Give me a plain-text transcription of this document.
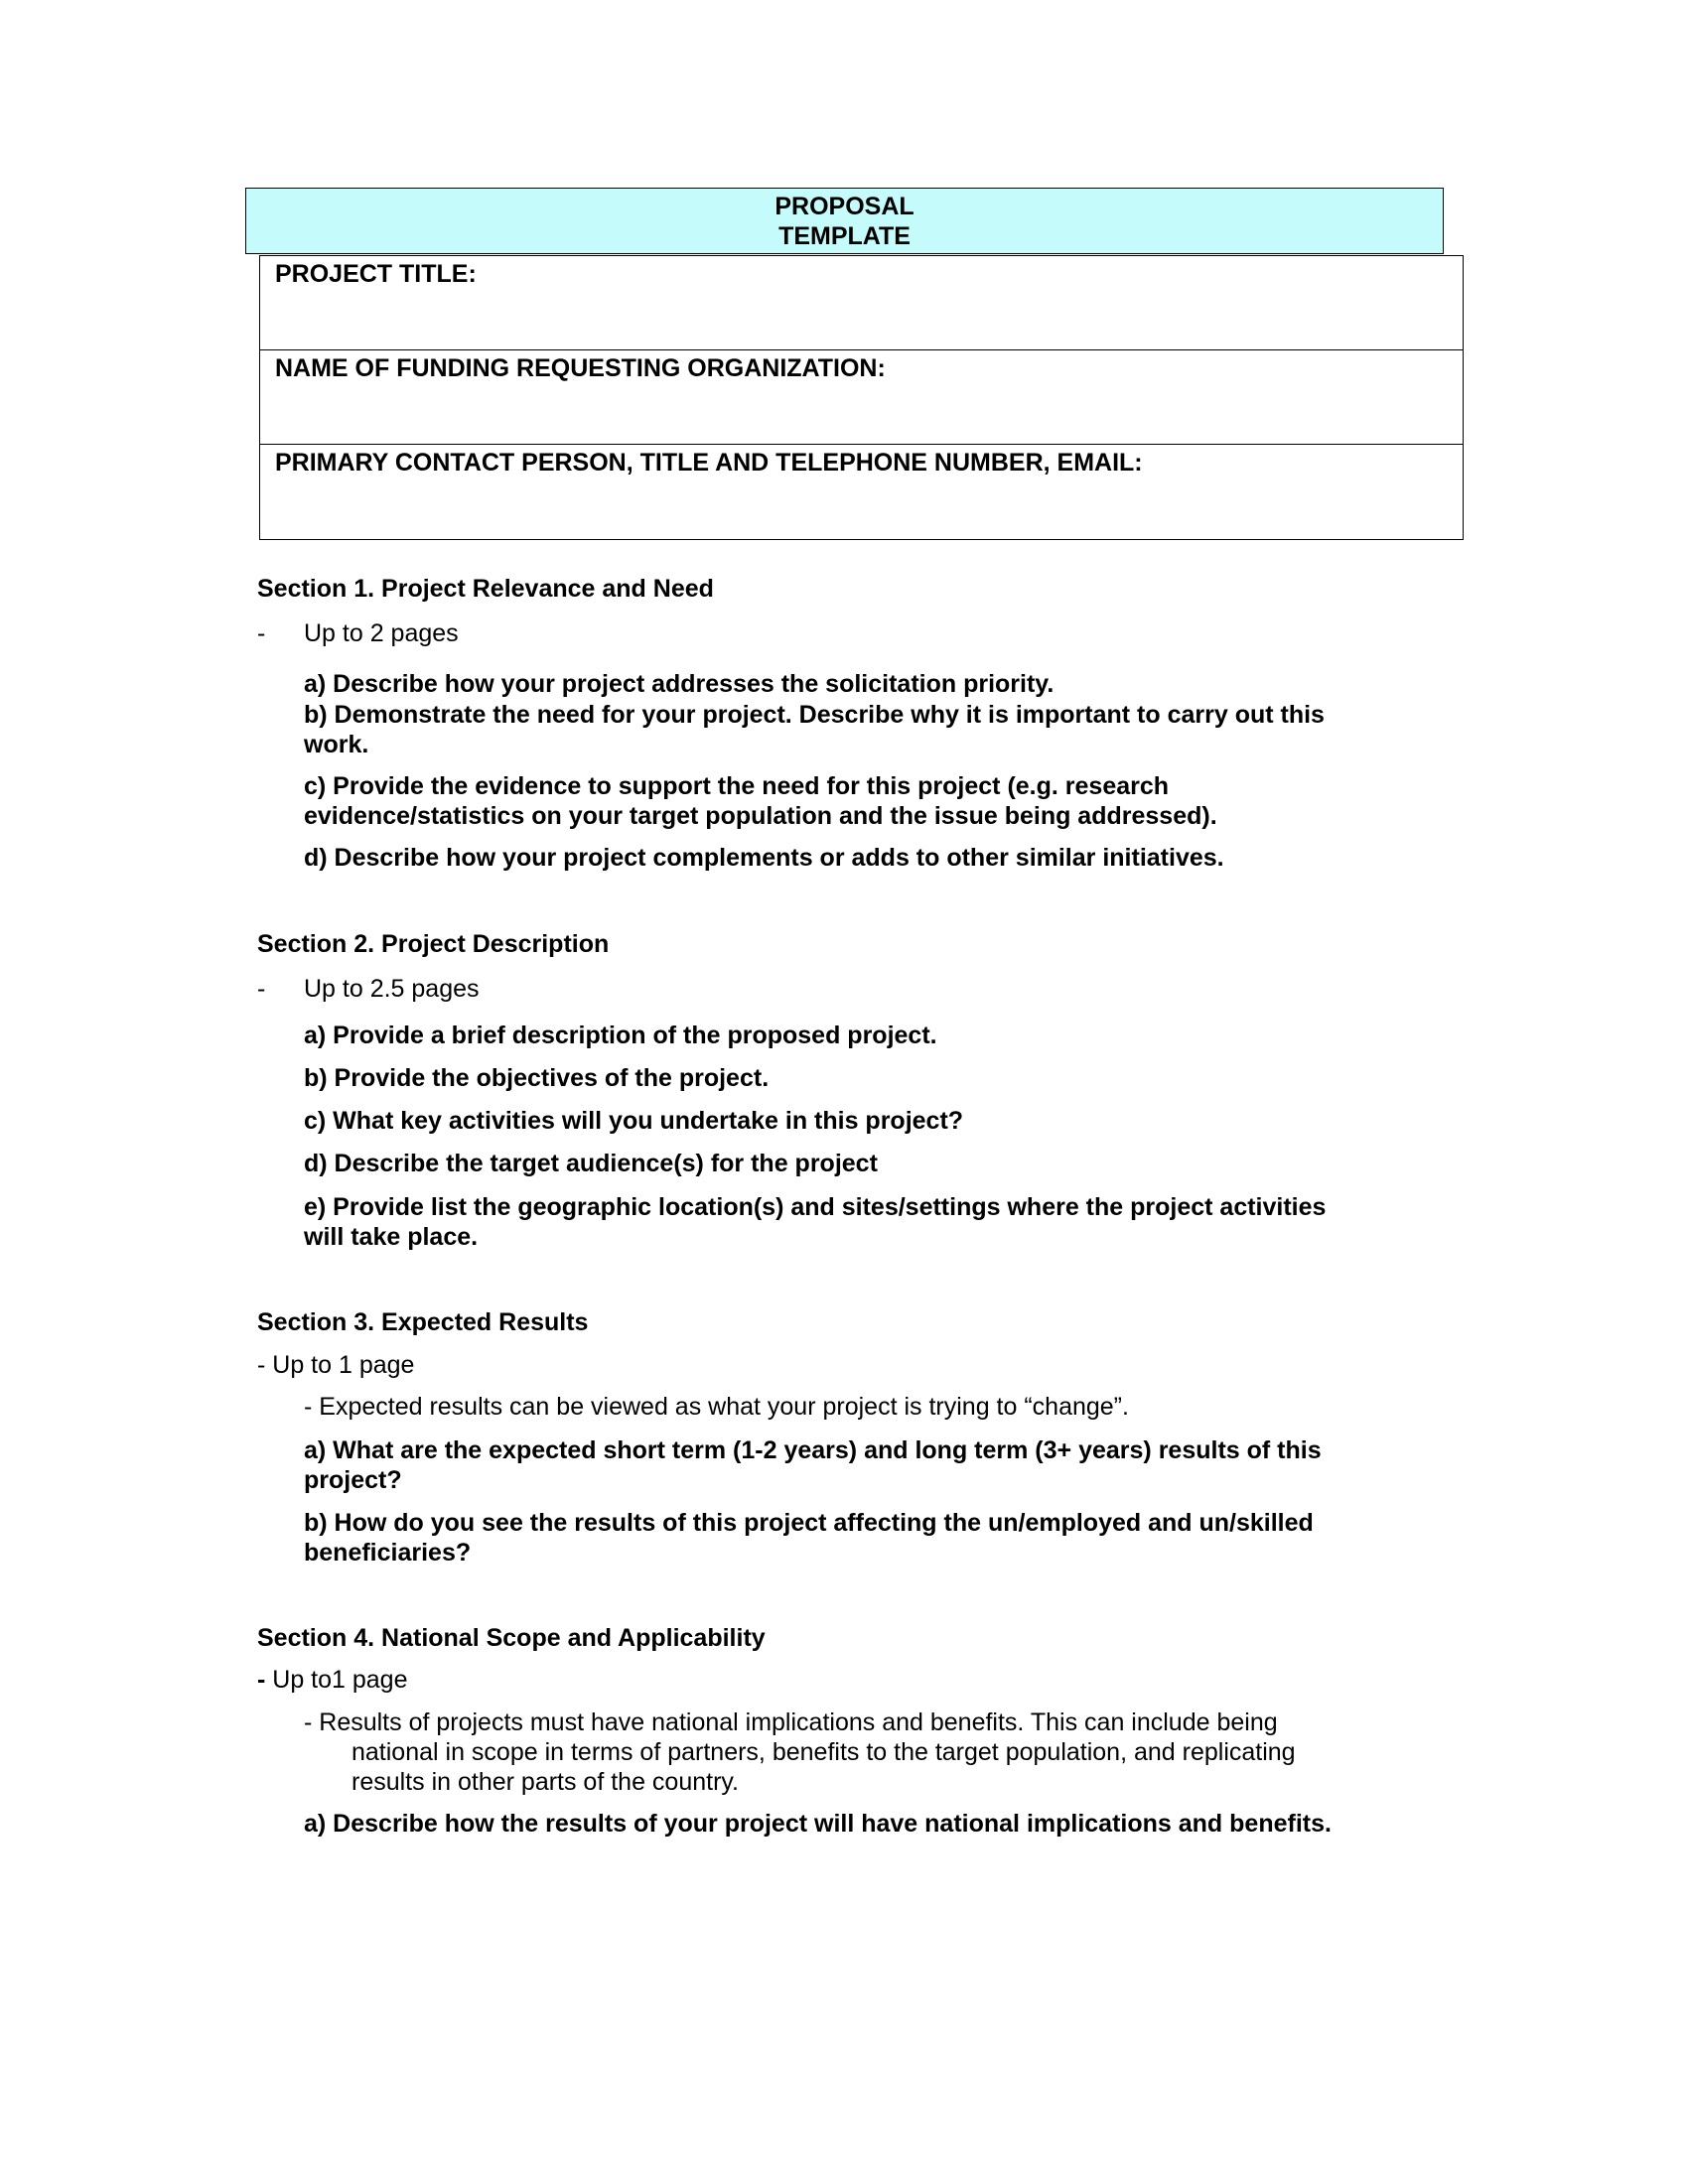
PROPOSAL
TEMPLATE
PROJECT TITLE:
NAME OF FUNDING REQUESTING ORGANIZATION:
PRIMARY CONTACT PERSON, TITLE AND TELEPHONE NUMBER, EMAIL:
Section 1. Project Relevance and Need
- Up to 2 pages
a) Describe how your project addresses the solicitation priority.
b) Demonstrate the need for your project. Describe why it is important to carry out this
work.
c) Provide the evidence to support the need for this project (e.g. research
evidence/statistics on your target population and the issue being addressed).
d) Describe how your project complements or adds to other similar initiatives.
Section 2. Project Description
- Up to 2.5 pages
a) Provide a brief description of the proposed project.
b) Provide the objectives of the project.
c) What key activities will you undertake in this project?
d) Describe the target audience(s) for the project
e) Provide list the geographic location(s) and sites/settings where the project activities
will take place.
Section 3. Expected Results
- Up to 1 page
- Expected results can be viewed as what your project is trying to “change”.
a) What are the expected short term (1-2 years) and long term (3+ years) results of this
project?
b) How do you see the results of this project affecting the un/employed and un/skilled
beneficiaries?
Section 4. National Scope and Applicability
- Up to1 page
- Results of projects must have national implications and benefits. This can include being
national in scope in terms of partners, benefits to the target population, and replicating
results in other parts of the country.
a) Describe how the results of your project will have national implications and benefits.
